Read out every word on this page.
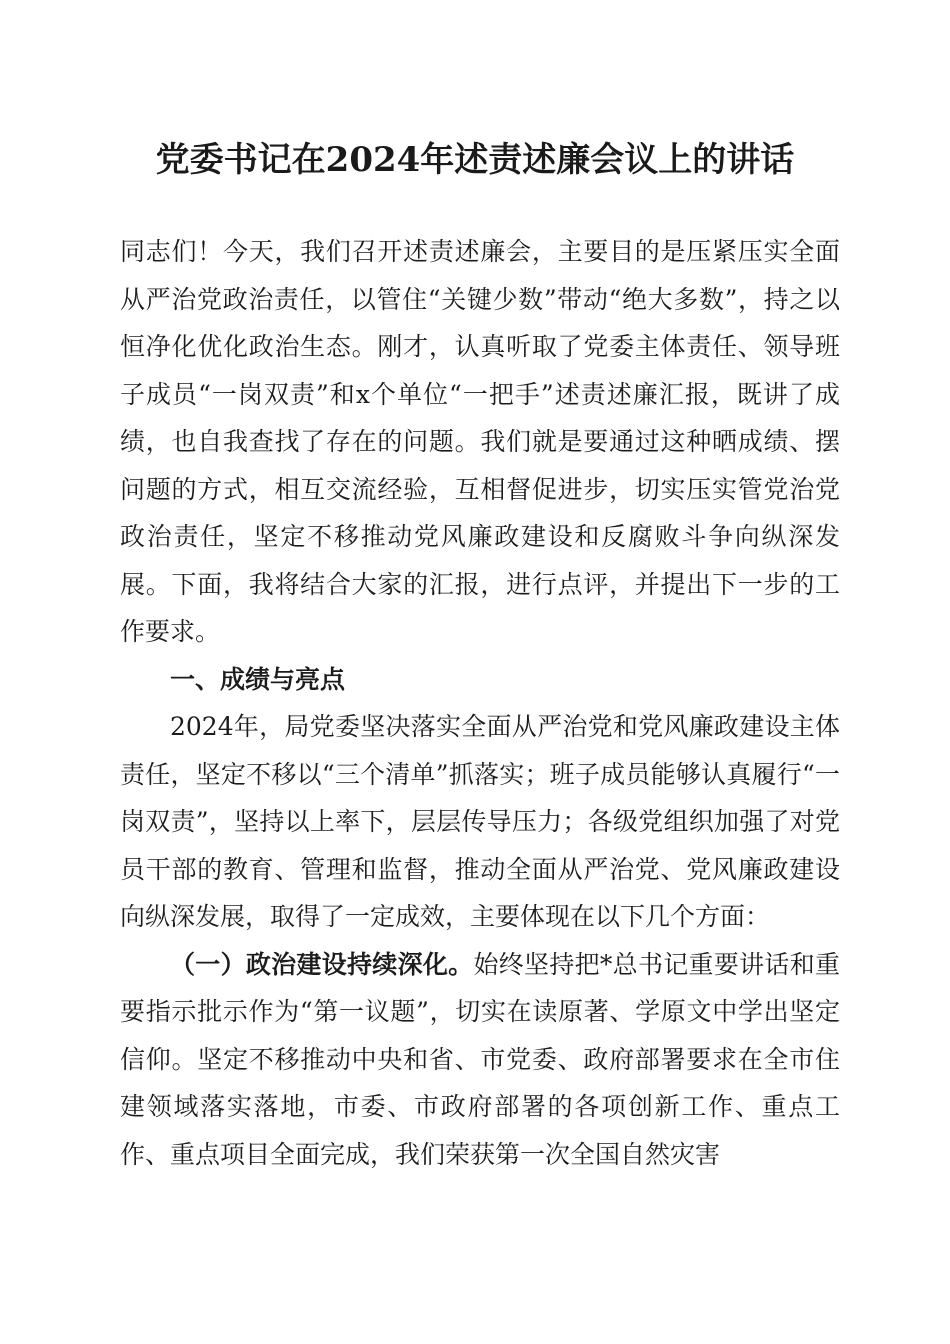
党委书记在2024年述责述廉会议上的讲话

同志们！今天，我们召开述责述廉会，主要目的是压紧压实全面从严治党政治责任，以管住“关键少数”带动“绝大多数”，持之以恒净化优化政治生态。刚才，认真听取了党委主体责任、领导班子成员“一岗双责”和x个单位“一把手”述责述廉汇报，既讲了成绩，也自我查找了存在的问题。我们就是要通过这种晒成绩、摆问题的方式，相互交流经验，互相督促进步，切实压实管党治党政治责任，坚定不移推动党风廉政建设和反腐败斗争向纵深发展。下面，我将结合大家的汇报，进行点评，并提出下一步的工作要求。

一、成绩与亮点

2024年，局党委坚决落实全面从严治党和党风廉政建设主体责任，坚定不移以“三个清单”抓落实；班子成员能够认真履行“一岗双责”，坚持以上率下，层层传导压力；各级党组织加强了对党员干部的教育、管理和监督，推动全面从严治党、党风廉政建设向纵深发展，取得了一定成效，主要体现在以下几个方面：

（一）政治建设持续深化。始终坚持把*总书记重要讲话和重要指示批示作为“第一议题”，切实在读原著、学原文中学出坚定信仰。坚定不移推动中央和省、市党委、政府部署要求在全市住建领域落实落地，市委、市政府部署的各项创新工作、重点工作、重点项目全面完成，我们荣获第一次全国自然灾害
